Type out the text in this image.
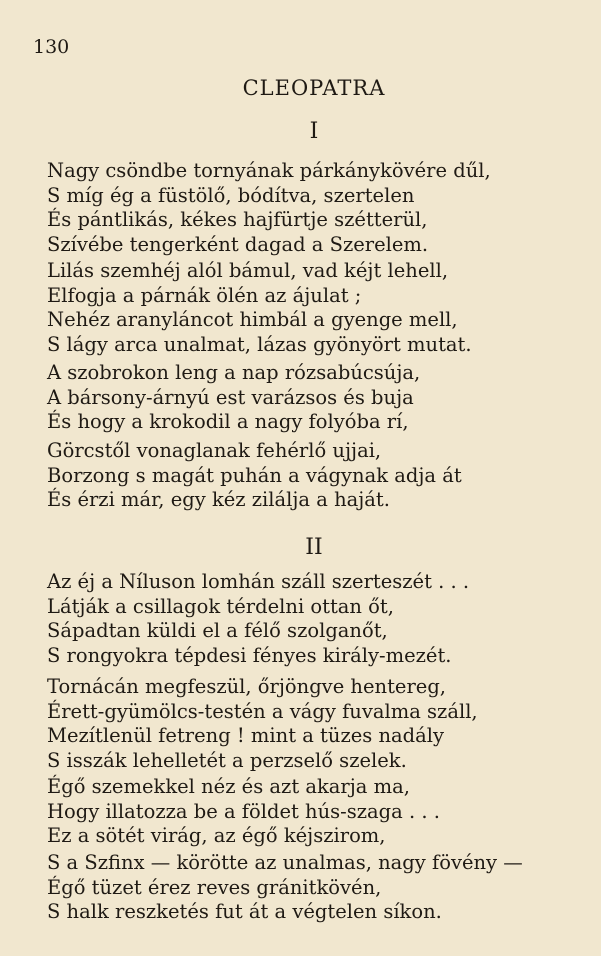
130
CLEOPATRA
I
Nagy csöndbe tornyának párkánykövére dűl,
S míg ég a füstölő, bódítva, szertelen
És pántlikás, kékes hajfürtje szétterül,
Szívébe tengerként dagad a Szerelem.
Lilás szemhéj alól bámul, vad kéjt lehell,
Elfogja a párnák ölén az ájulat ;
Nehéz aranyláncot himbál a gyenge mell,
S lágy arca unalmat, lázas gyönyört mutat.
A szobrokon leng a nap rózsabúcsúja,
A bársony-árnyú est varázsos és buja
És hogy a krokodil a nagy folyóba rí,
Görcstől vonaglanak fehérlő ujjai,
Borzong s magát puhán a vágynak adja át
És érzi már, egy kéz zilálja a haját.
II
Az éj a Níluson lomhán száll szerteszét . . .
Látják a csillagok térdelni ottan őt,
Sápadtan küldi el a félő szolganőt,
S rongyokra tépdesi fényes király-mezét.
Tornácán megfeszül, őrjöngve hentereg,
Érett-gyümölcs-testén a vágy fuvalma száll,
Mezítlenül fetreng ! mint a tüzes nadály
S isszák lehelletét a perzselő szelek.
Égő szemekkel néz és azt akarja ma,
Hogy illatozza be a földet hús-szaga . . .
Ez a sötét virág, az égő kéjszirom,
S a Szfinx — körötte az unalmas, nagy fövény —
Égő tüzet érez reves gránitkövén,
S halk reszketés fut át a végtelen síkon.
